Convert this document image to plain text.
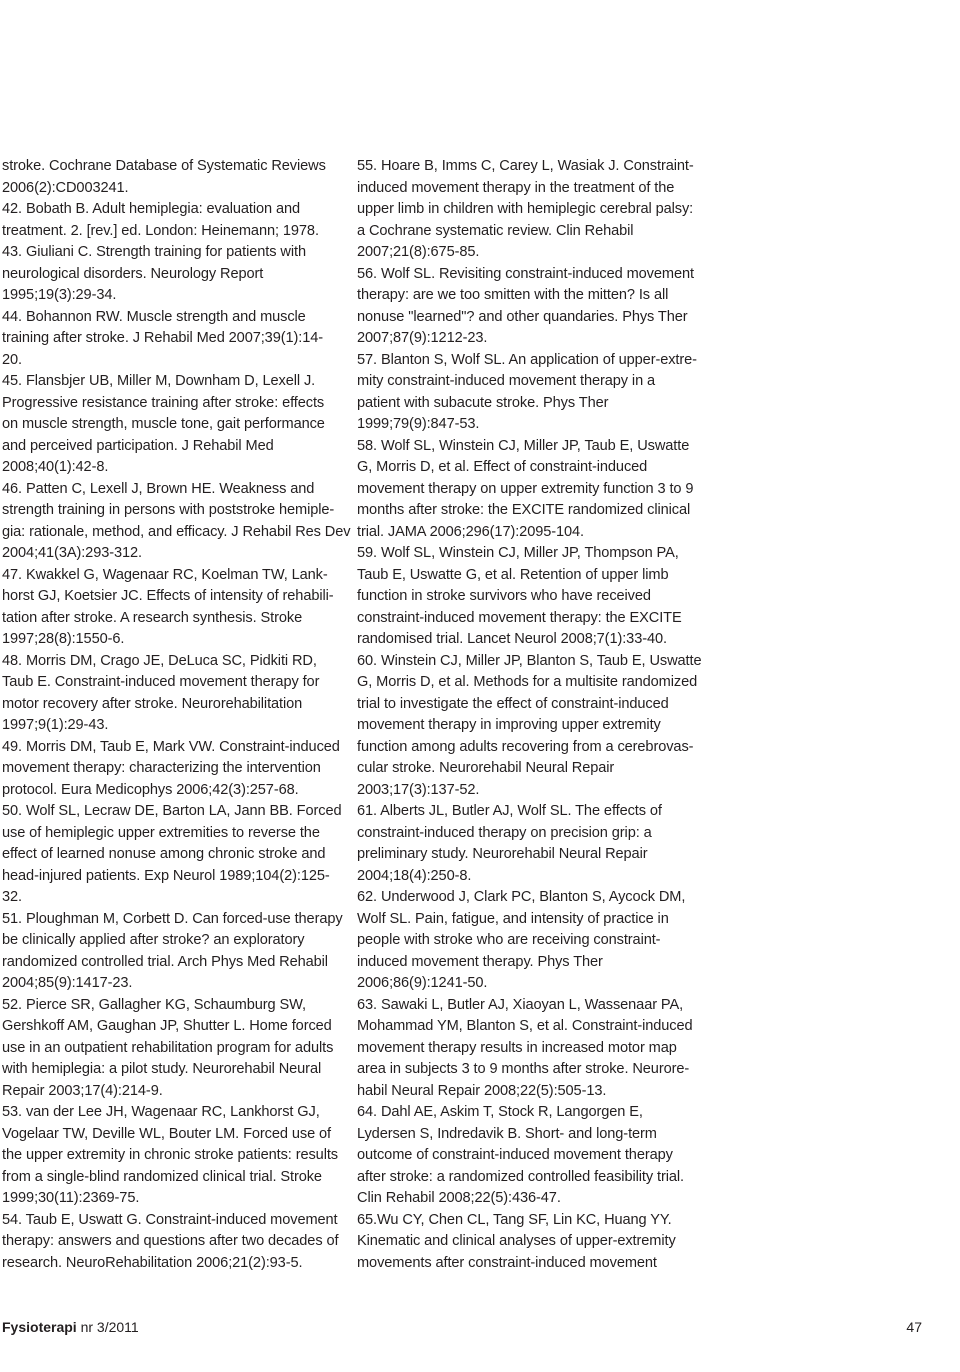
stroke. Cochrane Database of Systematic Reviews
2006(2):CD003241.
42. Bobath B. Adult hemiplegia: evaluation and
treatment. 2. [rev.] ed. London: Heinemann; 1978.
43. Giuliani C. Strength training for patients with
neurological disorders. Neurology Report
1995;19(3):29-34.
44. Bohannon RW. Muscle strength and muscle
training after stroke. J Rehabil Med 2007;39(1):14-
20.
45. Flansbjer UB, Miller M, Downham D, Lexell J.
Progressive resistance training after stroke: effects
on muscle strength, muscle tone, gait performance
and perceived participation. J Rehabil Med
2008;40(1):42-8.
46. Patten C, Lexell J, Brown HE. Weakness and
strength training in persons with poststroke hemiple-
gia: rationale, method, and efficacy. J Rehabil Res Dev
2004;41(3A):293-312.
47. Kwakkel G, Wagenaar RC, Koelman TW, Lank-
horst GJ, Koetsier JC. Effects of intensity of rehabili-
tation after stroke. A research synthesis. Stroke
1997;28(8):1550-6.
48. Morris DM, Crago JE, DeLuca SC, Pidkiti RD,
Taub E. Constraint-induced movement therapy for
motor recovery after stroke. Neurorehabilitation
1997;9(1):29-43.
49. Morris DM, Taub E, Mark VW. Constraint-induced
movement therapy: characterizing the intervention
protocol. Eura Medicophys 2006;42(3):257-68.
50. Wolf SL, Lecraw DE, Barton LA, Jann BB. Forced
use of hemiplegic upper extremities to reverse the
effect of learned nonuse among chronic stroke and
head-injured patients. Exp Neurol 1989;104(2):125-
32.
51. Ploughman M, Corbett D. Can forced-use therapy
be clinically applied after stroke? an exploratory
randomized controlled trial. Arch Phys Med Rehabil
2004;85(9):1417-23.
52. Pierce SR, Gallagher KG, Schaumburg SW,
Gershkoff AM, Gaughan JP, Shutter L. Home forced
use in an outpatient rehabilitation program for adults
with hemiplegia: a pilot study. Neurorehabil Neural
Repair 2003;17(4):214-9.
53. van der Lee JH, Wagenaar RC, Lankhorst GJ,
Vogelaar TW, Deville WL, Bouter LM. Forced use of
the upper extremity in chronic stroke patients: results
from a single-blind randomized clinical trial. Stroke
1999;30(11):2369-75.
54. Taub E, Uswatt G. Constraint-induced movement
therapy: answers and questions after two decades of
research. NeuroRehabilitation 2006;21(2):93-5.
55. Hoare B, Imms C, Carey L, Wasiak J. Constraint-
induced movement therapy in the treatment of the
upper limb in children with hemiplegic cerebral palsy:
a Cochrane systematic review. Clin Rehabil
2007;21(8):675-85.
56. Wolf SL. Revisiting constraint-induced movement
therapy: are we too smitten with the mitten? Is all
nonuse "learned"? and other quandaries. Phys Ther
2007;87(9):1212-23.
57. Blanton S, Wolf SL. An application of upper-extre-
mity constraint-induced movement therapy in a
patient with subacute stroke. Phys Ther
1999;79(9):847-53.
58. Wolf SL, Winstein CJ, Miller JP, Taub E, Uswatte
G, Morris D, et al. Effect of constraint-induced
movement therapy on upper extremity function 3 to 9
months after stroke: the EXCITE randomized clinical
trial. JAMA 2006;296(17):2095-104.
59. Wolf SL, Winstein CJ, Miller JP, Thompson PA,
Taub E, Uswatte G, et al. Retention of upper limb
function in stroke survivors who have received
constraint-induced movement therapy: the EXCITE
randomised trial. Lancet Neurol 2008;7(1):33-40.
60. Winstein CJ, Miller JP, Blanton S, Taub E, Uswatte
G, Morris D, et al. Methods for a multisite randomized
trial to investigate the effect of constraint-induced
movement therapy in improving upper extremity
function among adults recovering from a cerebrovas-
cular stroke. Neurorehabil Neural Repair
2003;17(3):137-52.
61. Alberts JL, Butler AJ, Wolf SL. The effects of
constraint-induced therapy on precision grip: a
preliminary study. Neurorehabil Neural Repair
2004;18(4):250-8.
62. Underwood J, Clark PC, Blanton S, Aycock DM,
Wolf SL. Pain, fatigue, and intensity of practice in
people with stroke who are receiving constraint-
induced movement therapy. Phys Ther
2006;86(9):1241-50.
63. Sawaki L, Butler AJ, Xiaoyan L, Wassenaar PA,
Mohammad YM, Blanton S, et al. Constraint-induced
movement therapy results in increased motor map
area in subjects 3 to 9 months after stroke. Neurore-
habil Neural Repair 2008;22(5):505-13.
64. Dahl AE, Askim T, Stock R, Langorgen E,
Lydersen S, Indredavik B. Short- and long-term
outcome of constraint-induced movement therapy
after stroke: a randomized controlled feasibility trial.
Clin Rehabil 2008;22(5):436-47.
65.Wu CY, Chen CL, Tang SF, Lin KC, Huang YY.
Kinematic and clinical analyses of upper-extremity
movements after constraint-induced movement
Fysioterapi nr 3/2011	47
